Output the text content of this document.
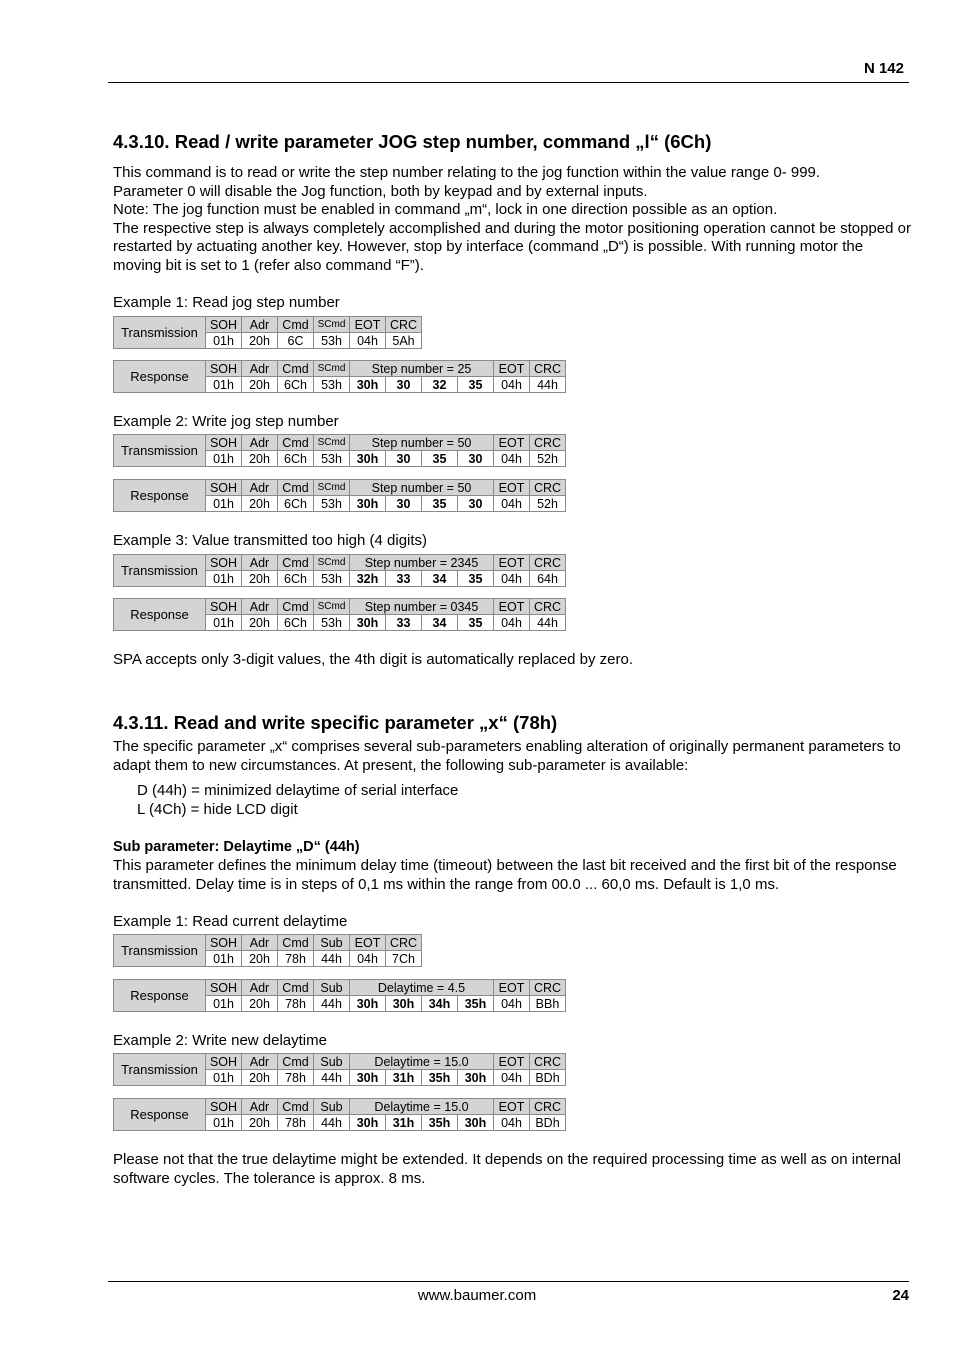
N 142
4.3.10. Read / write parameter JOG step number, command „l“ (6Ch)

This command is to read or write the step number relating to the jog function within the value range 0- 999.

Parameter 0 will disable the Jog function, both by keypad and by external inputs.

Note: The jog function must be enabled in command „m“, lock in one direction possible as an option.

The respective step is always completely accomplished and during the motor positioning operation cannot be stopped or restarted by actuating another key. However, stop by interface (command „D“) is possible. With running motor the moving bit is set to 1 (refer also command “F”).

Example 1: Read jog step number
Transmission	SOH	Adr	Cmd	SCmd	EOT	CRC
	01h	20h	6C	53h	04h	5Ah
Response	SOH	Adr	Cmd	SCmd	Step number = 25				EOT	CRC
	01h	20h	6Ch	53h	30h	30	32	35	04h	44h
Example 2: Write jog step number
Transmission	SOH	Adr	Cmd	SCmd	Step number = 50				EOT	CRC
	01h	20h	6Ch	53h	30h	30	35	30	04h	52h
Response	SOH	Adr	Cmd	SCmd	Step number = 50				EOT	CRC
	01h	20h	6Ch	53h	30h	30	35	30	04h	52h
Example 3: Value transmitted too high (4 digits)
Transmission	SOH	Adr	Cmd	SCmd	Step number = 2345				EOT	CRC
	01h	20h	6Ch	53h	32h	33	34	35	04h	64h
Response	SOH	Adr	Cmd	SCmd	Step number = 0345				EOT	CRC
	01h	20h	6Ch	53h	30h	33	34	35	04h	44h
SPA accepts only 3-digit values, the 4th digit is automatically replaced by zero.
4.3.11. Read and write specific parameter „x“ (78h)
The specific parameter „x“ comprises several sub-parameters enabling alteration of originally permanent parameters to adapt them to new circumstances. At present, the following sub-parameter is available:
D (44h) = minimized delaytime of serial interface
L (4Ch) = hide LCD digit
Sub parameter: Delaytime „D“ (44h)
This parameter defines the minimum delay time (timeout) between the last bit received and the first bit of the response transmitted. Delay time is in steps of 0,1 ms within the range from 00.0 ... 60,0 ms. Default is 1,0 ms.
Example 1: Read current delaytime
Transmission	SOH	Adr	Cmd	Sub	EOT	CRC
	01h	20h	78h	44h	04h	7Ch
Response	SOH	Adr	Cmd	Sub	Delaytime = 4.5				EOT	CRC
	01h	20h	78h	44h	30h	30h	34h	35h	04h	BBh
Example 2: Write new delaytime
Transmission	SOH	Adr	Cmd	Sub	Delaytime = 15.0				EOT	CRC
	01h	20h	78h	44h	30h	31h	35h	30h	04h	BDh
Response	SOH	Adr	Cmd	Sub	Delaytime = 15.0				EOT	CRC
	01h	20h	78h	44h	30h	31h	35h	30h	04h	BDh
Please not that the true delaytime might be extended. It depends on the required processing time as well as on internal software cycles. The tolerance is approx. 8 ms.
www.baumer.com	24
